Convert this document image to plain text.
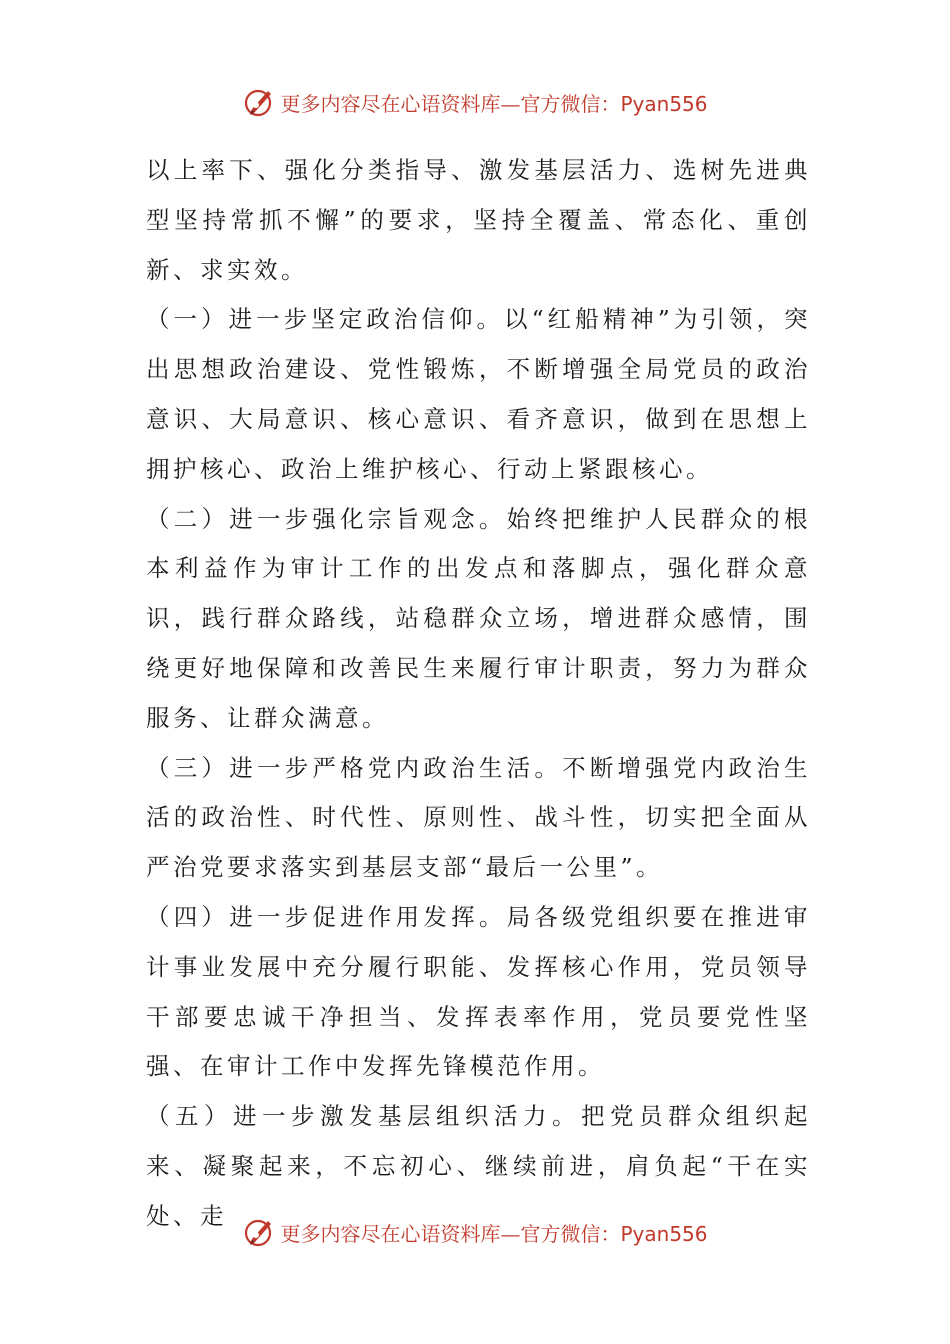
更多内容尽在心语资料库—官方微信：Pyan556

以上率下、强化分类指导、激发基层活力、选树先进典型坚持常抓不懈”的要求，坚持全覆盖、常态化、重创新、求实效。

（一）进一步坚定政治信仰。以“红船精神”为引领，突出思想政治建设、党性锻炼，不断增强全局党员的政治意识、大局意识、核心意识、看齐意识，做到在思想上拥护核心、政治上维护核心、行动上紧跟核心。

（二）进一步强化宗旨观念。始终把维护人民群众的根本利益作为审计工作的出发点和落脚点，强化群众意识，践行群众路线，站稳群众立场，增进群众感情，围绕更好地保障和改善民生来履行审计职责，努力为群众服务、让群众满意。

（三）进一步严格党内政治生活。不断增强党内政治生活的政治性、时代性、原则性、战斗性，切实把全面从严治党要求落实到基层支部“最后一公里”。

（四）进一步促进作用发挥。局各级党组织要在推进审计事业发展中充分履行职能、发挥核心作用，党员领导干部要忠诚干净担当、发挥表率作用，党员要党性坚强、在审计工作中发挥先锋模范作用。

（五）进一步激发基层组织活力。把党员群众组织起来、凝聚起来，不忘初心、继续前进，肩负起“干在实处、走

更多内容尽在心语资料库—官方微信：Pyan556
